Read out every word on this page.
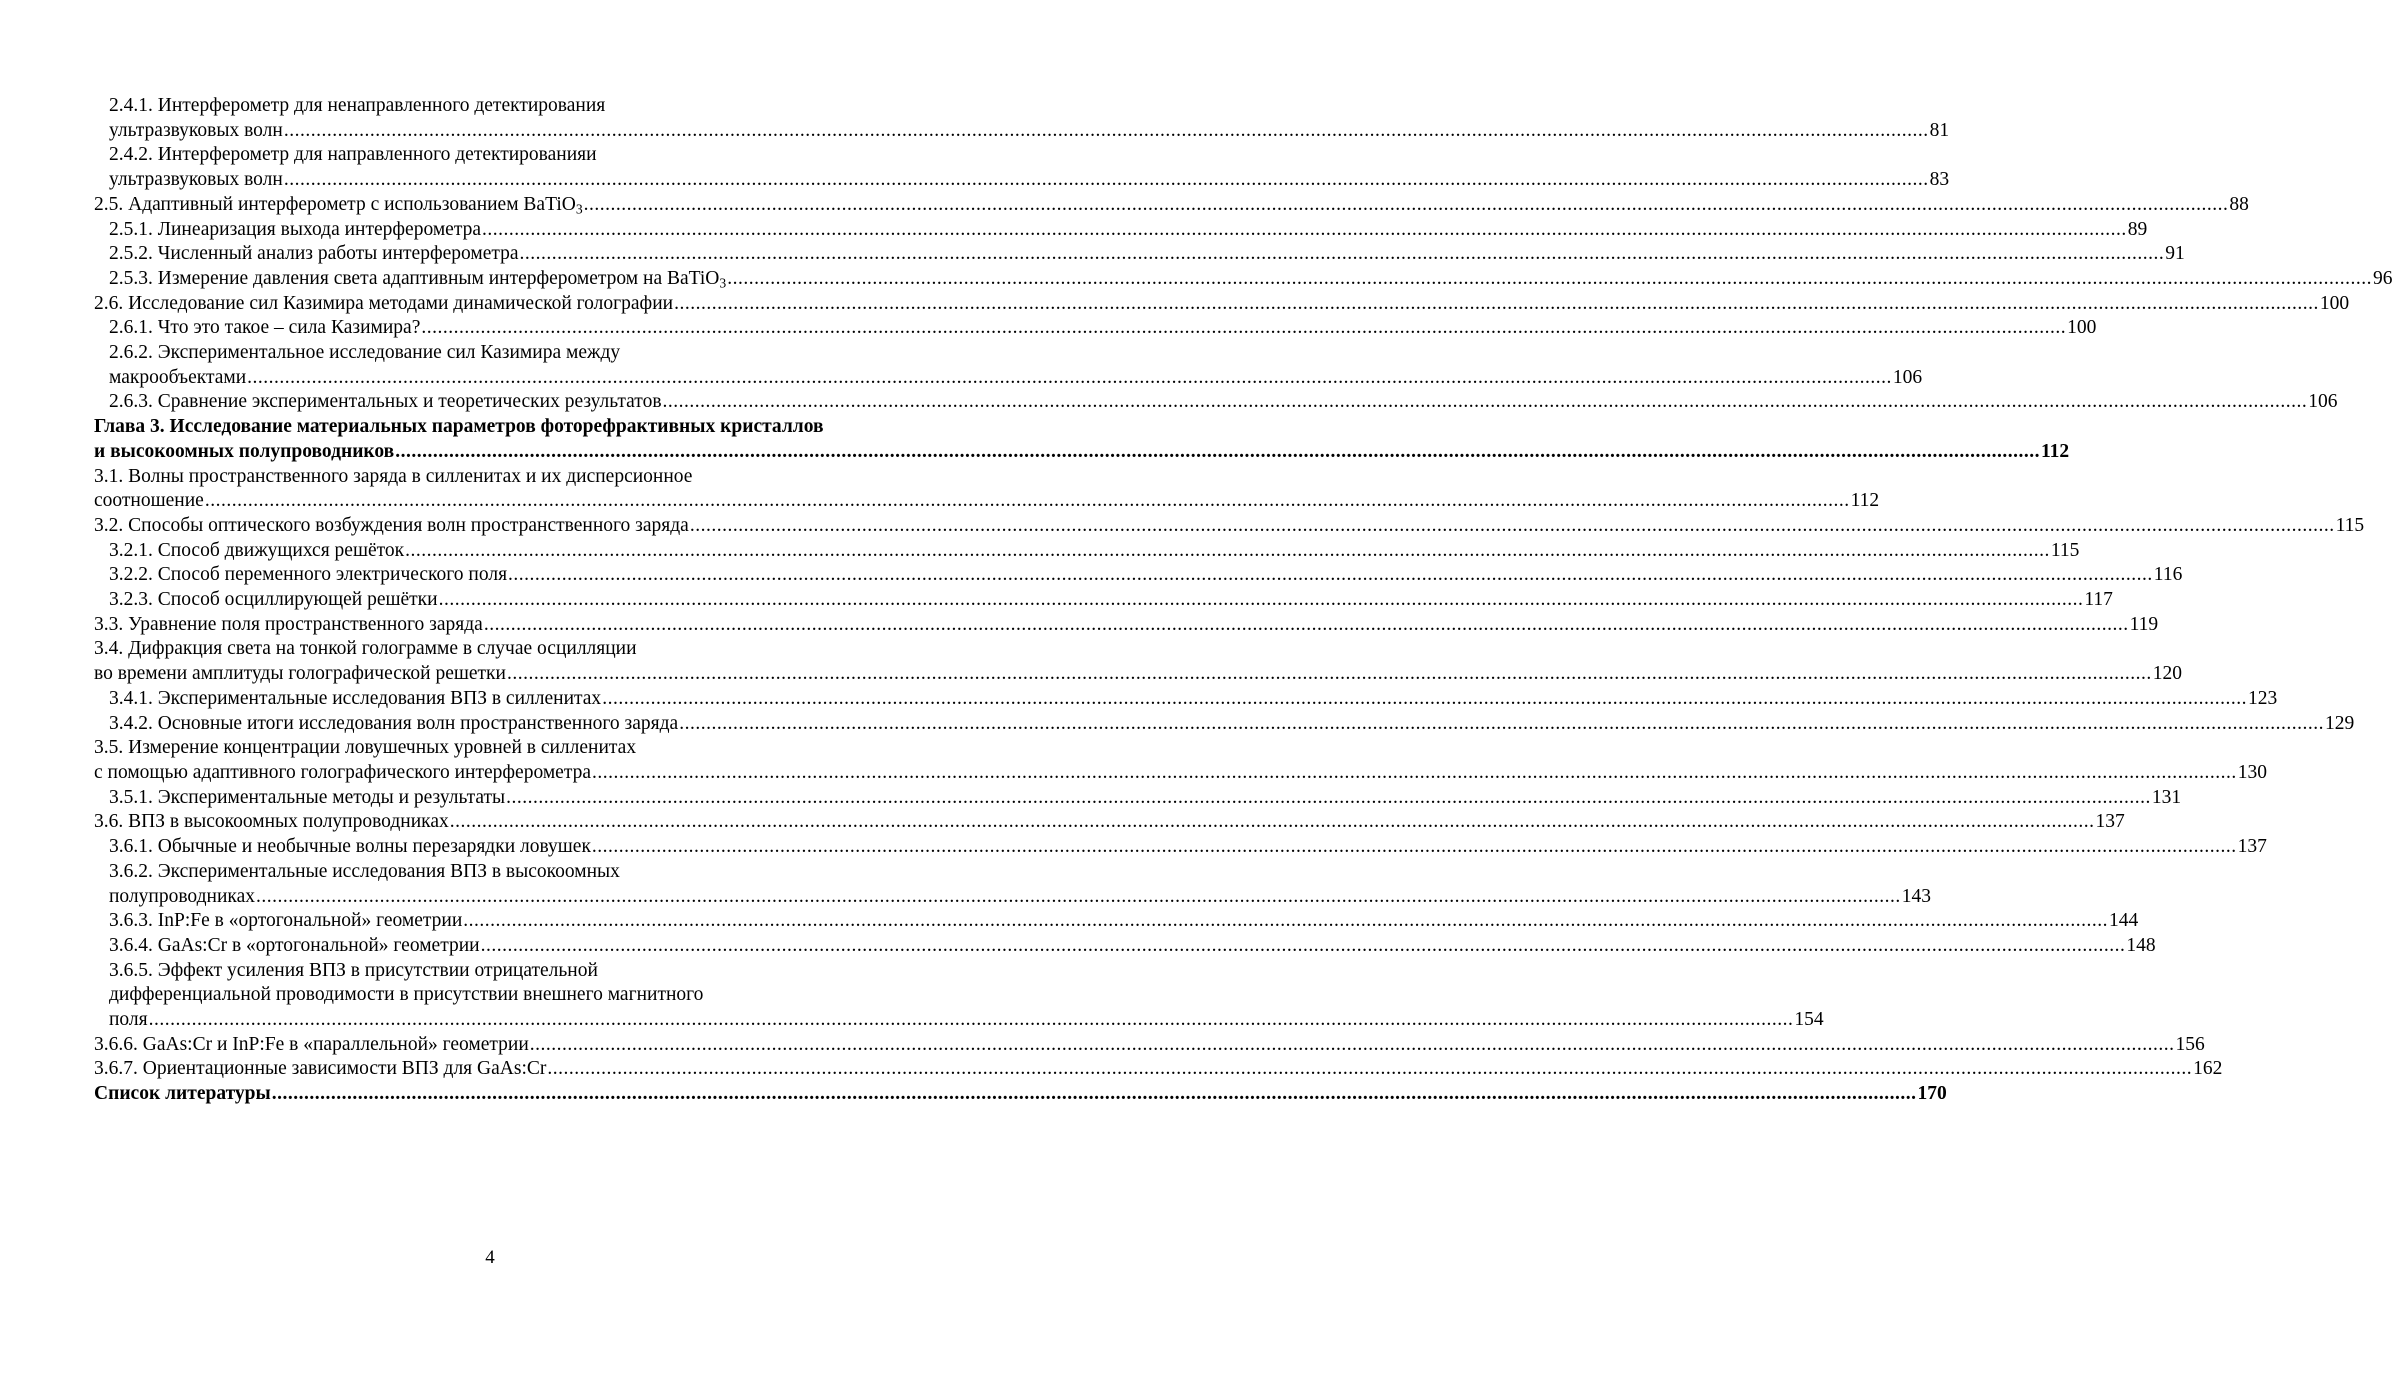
2.4.1. Интерферометр для ненаправленного детектирования
ультразвуковых волн .....	81
2.4.2. Интерферометр для направленного детектированияи
ультразвуковых волн .....	83
2.5. Адаптивный интерферометр с использованием BaTiO$_3$ .....	88
2.5.1. Линеаризация выхода интерферометра .....	89
2.5.2. Численный анализ работы интерферометра .....	91
2.5.3. Измерение давления света адаптивным интерферометром на BaTiO$_3$ .....	96
2.6. Исследование сил Казимира методами динамической голографии .....	100
2.6.1. Что это такое – сила Казимира? .....	100
2.6.2. Экспериментальное исследование сил Казимира между
макрообъектами .....	106
2.6.3. Сравнение экспериментальных и теоретических результатов .....	106
Глава 3. Исследование материальных параметров фоторефрактивных кристаллов
и высокоомных полупроводников .....	112
3.1. Волны пространственного заряда в силленитах и их дисперсионное
соотношение .....	112
3.2. Способы оптического возбуждения волн пространственного заряда .....	115
3.2.1. Способ движущихся решёток .....	115
3.2.2. Способ переменного электрического поля .....	116
3.2.3. Способ осциллирующей решётки .....	117
3.3. Уравнение поля пространственного заряда .....	119
3.4. Дифракция света на тонкой голограмме в случае осцилляции
во времени амплитуды голографической решетки .....	120
3.4.1. Экспериментальные исследования ВПЗ в силленитах .....	123
3.4.2. Основные итоги исследования волн пространственного заряда .....	129
3.5. Измерение концентрации ловушечных уровней в силленитах
с помощью адаптивного голографического интерферометра .....	130
3.5.1. Экспериментальные методы и результаты .....	131
3.6. ВПЗ в высокоомных полупроводниках .....	137
3.6.1. Обычные и необычные волны перезарядки ловушек .....	137
3.6.2. Экспериментальные исследования ВПЗ в высокоомных
полупроводниках .....	143
3.6.3. InP:Fe в «ортогональной» геометрии .....	144
3.6.4. GaAs:Cr в «ортогональной» геометрии .....	148
3.6.5. Эффект усиления ВПЗ в присутствии отрицательной
дифференциальной проводимости в присутствии внешнего магнитного
поля .....	154
3.6.6. GaAs:Cr и InP:Fe в «параллельной» геометрии .....	156
3.6.7. Ориентационные зависимости ВПЗ для GaAs:Cr .....	162
Список литературы .....	170
4
